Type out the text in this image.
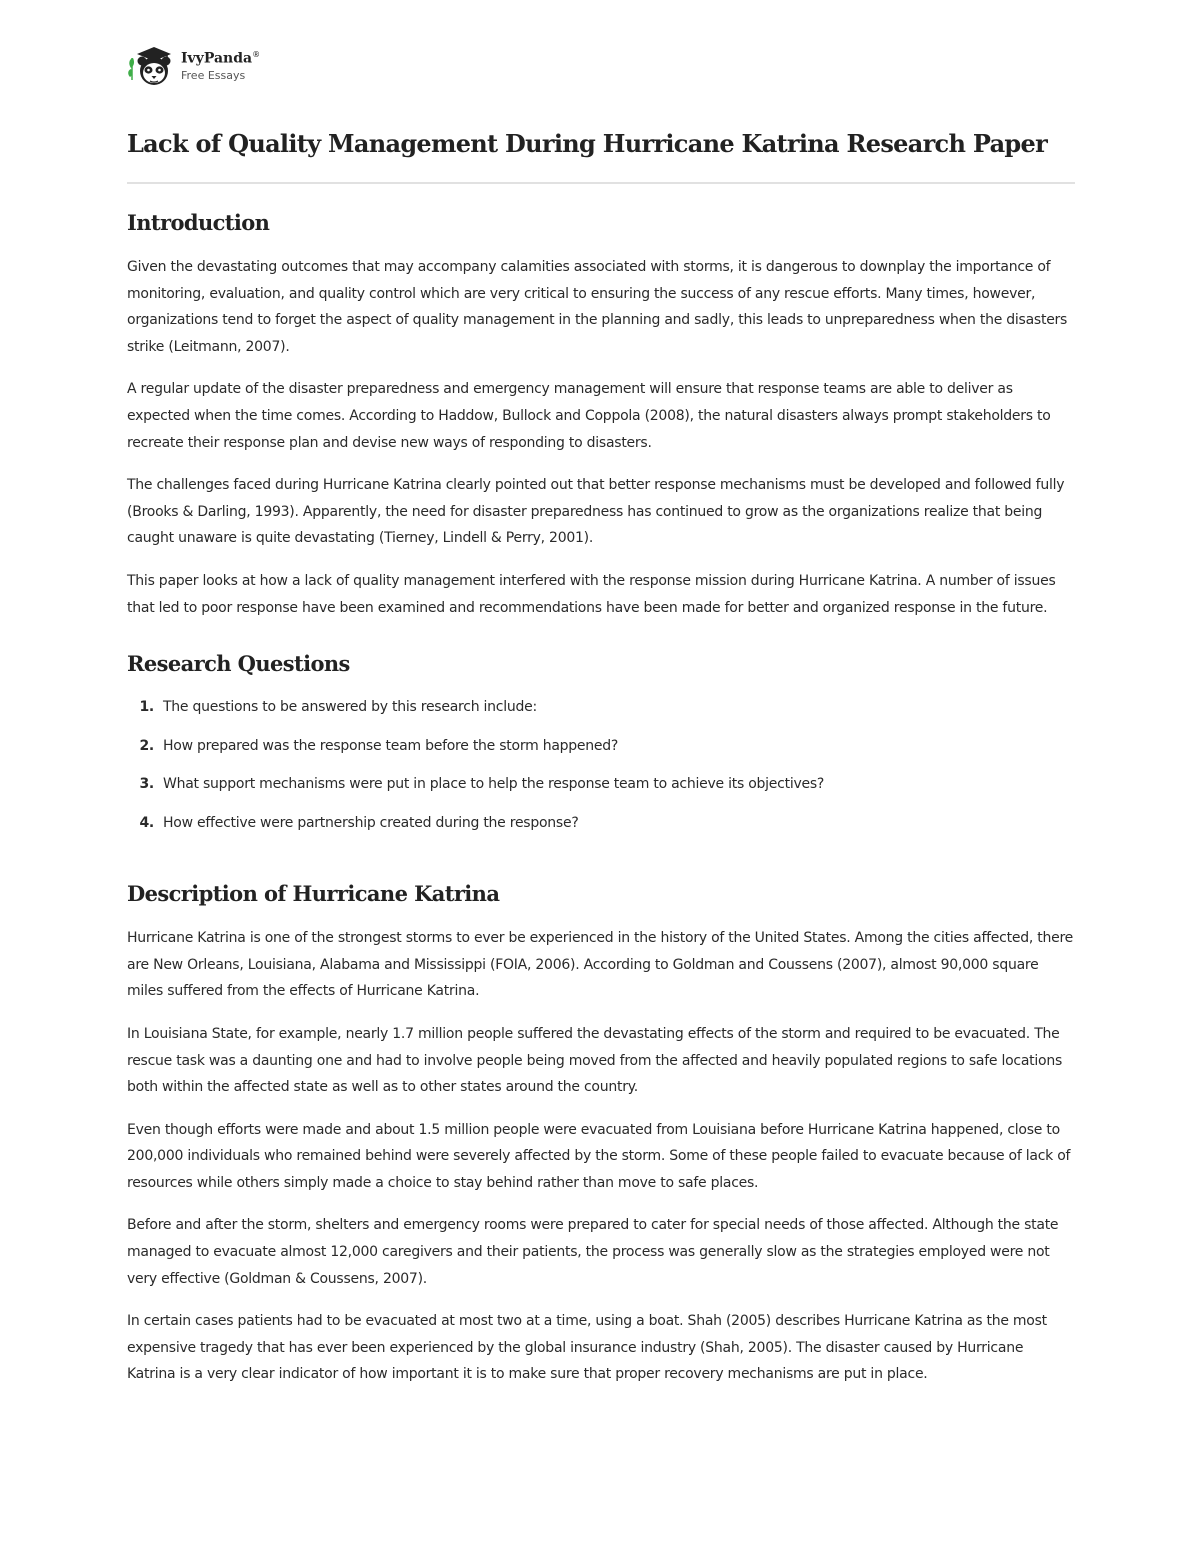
IvyPanda®
Free Essays
Lack of Quality Management During Hurricane Katrina Research Paper
Introduction

Given the devastating outcomes that may accompany calamities associated with storms, it is dangerous to downplay the importance of monitoring, evaluation, and quality control which are very critical to ensuring the success of any rescue efforts. Many times, however, organizations tend to forget the aspect of quality management in the planning and sadly, this leads to unpreparedness when the disasters strike (Leitmann, 2007).

A regular update of the disaster preparedness and emergency management will ensure that response teams are able to deliver as expected when the time comes. According to Haddow, Bullock and Coppola (2008), the natural disasters always prompt stakeholders to recreate their response plan and devise new ways of responding to disasters.

The challenges faced during Hurricane Katrina clearly pointed out that better response mechanisms must be developed and followed fully (Brooks & Darling, 1993). Apparently, the need for disaster preparedness has continued to grow as the organizations realize that being caught unaware is quite devastating (Tierney, Lindell & Perry, 2001).

This paper looks at how a lack of quality management interfered with the response mission during Hurricane Katrina. A number of issues that led to poor response have been examined and recommendations have been made for better and organized response in the future.

Research Questions
1. The questions to be answered by this research include:
2. How prepared was the response team before the storm happened?
3. What support mechanisms were put in place to help the response team to achieve its objectives?
4. How effective were partnership created during the response?
Description of Hurricane Katrina

Hurricane Katrina is one of the strongest storms to ever be experienced in the history of the United States. Among the cities affected, there are New Orleans, Louisiana, Alabama and Mississippi (FOIA, 2006). According to Goldman and Coussens (2007), almost 90,000 square miles suffered from the effects of Hurricane Katrina.

In Louisiana State, for example, nearly 1.7 million people suffered the devastating effects of the storm and required to be evacuated. The rescue task was a daunting one and had to involve people being moved from the affected and heavily populated regions to safe locations both within the affected state as well as to other states around the country.

Even though efforts were made and about 1.5 million people were evacuated from Louisiana before Hurricane Katrina happened, close to 200,000 individuals who remained behind were severely affected by the storm. Some of these people failed to evacuate because of lack of resources while others simply made a choice to stay behind rather than move to safe places.

Before and after the storm, shelters and emergency rooms were prepared to cater for special needs of those affected. Although the state managed to evacuate almost 12,000 caregivers and their patients, the process was generally slow as the strategies employed were not very effective (Goldman & Coussens, 2007).

In certain cases patients had to be evacuated at most two at a time, using a boat. Shah (2005) describes Hurricane Katrina as the most expensive tragedy that has ever been experienced by the global insurance industry (Shah, 2005). The disaster caused by Hurricane Katrina is a very clear indicator of how important it is to make sure that proper recovery mechanisms are put in place.
